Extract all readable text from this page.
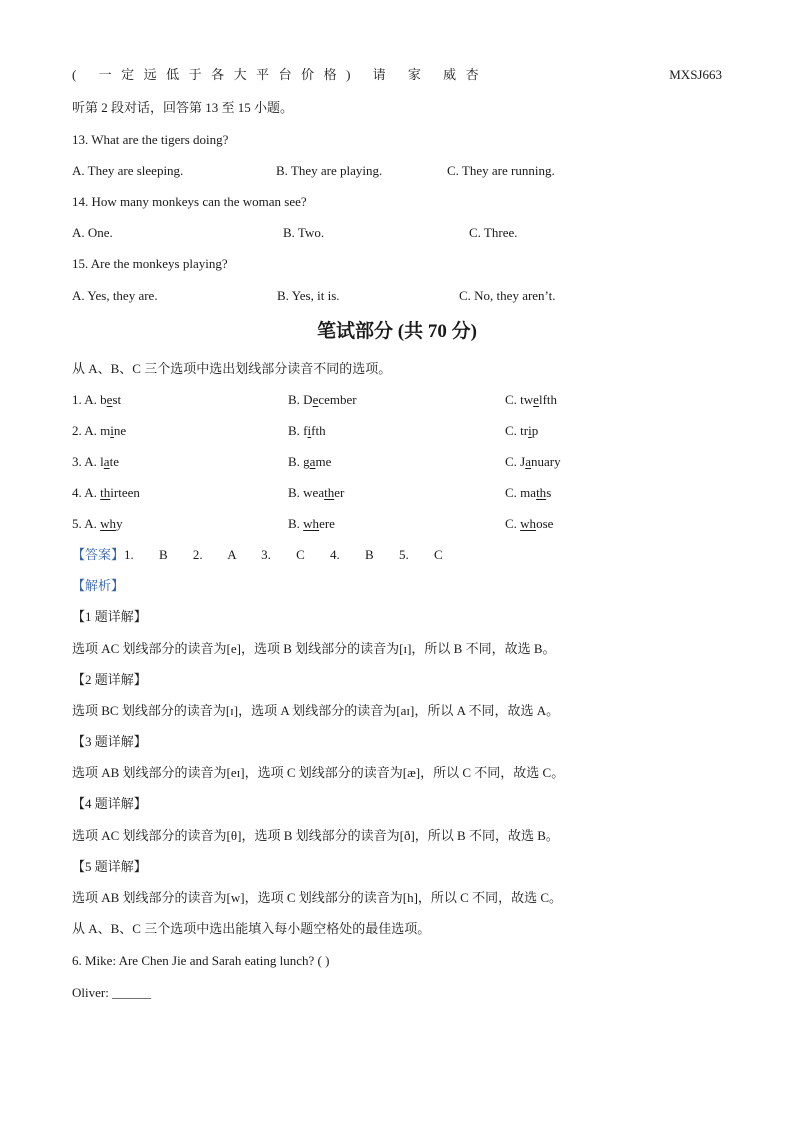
( 一定远低于各大平台价格) 请 家 威杏	MXSJ663
听第 2 段对话，回答第 13 至 15 小题。
13. What are the tigers doing?
A. They are sleeping.	B. They are playing.	C. They are running.
14. How many monkeys can the woman see?
A. One.	B. Two.	C. Three.
15. Are the monkeys playing?
A. Yes, they are.	B. Yes, it is.	C. No, they aren’t.
笔试部分 (共 70 分)
从 A、B、C 三个选项中选出划线部分读音不同的选项。
1. A. best	B. December	C. twelfth
2. A. mine	B. fifth	C. trip
3. A. late	B. game	C. January
4. A. thirteen	B. weather	C. maths
5. A. why	B. where	C. whose
【答案】1. B 2. A 3. C 4. B 5. C
【解析】
【1 题详解】
选项 AC 划线部分的读音为[e]，选项 B 划线部分的读音为[ɪ]，所以 B 不同，故选 B。
【2 题详解】
选项 BC 划线部分的读音为[ɪ]，选项 A 划线部分的读音为[aɪ]，所以 A 不同，故选 A。
【3 题详解】
选项 AB 划线部分的读音为[eɪ]，选项 C 划线部分的读音为[æ]，所以 C 不同，故选 C。
【4 题详解】
选项 AC 划线部分的读音为[θ]，选项 B 划线部分的读音为[ð]，所以 B 不同，故选 B。
【5 题详解】
选项 AB 划线部分的读音为[w]，选项 C 划线部分的读音为[h]，所以 C 不同，故选 C。
从 A、B、C 三个选项中选出能填入每小题空格处的最佳选项。
6. Mike: Are Chen Jie and Sarah eating lunch? ( )
Oliver: ______
